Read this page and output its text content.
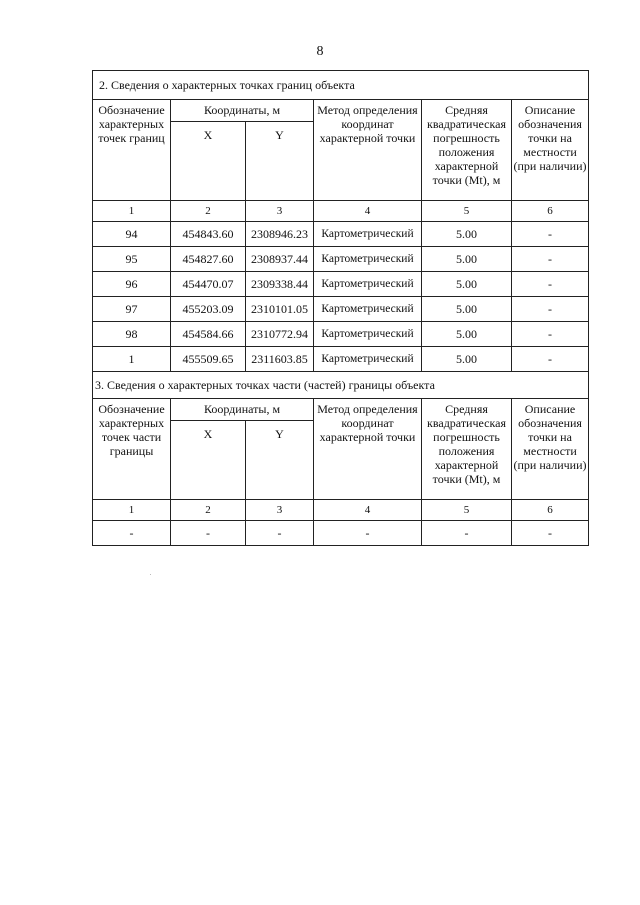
8
2. Сведения о характерных точках границ объекта					
Обозначение характерных точек границ	Координаты, м		Метод определения координат характерной точки	Средняя квадратическая погрешность положения характерной точки (Mt), м	Описание обозначения точки на местности (при наличии)
	X	Y			
1	2	3	4	5	6
94	454843.60	2308946.23	Картометрический	5.00	-
95	454827.60	2308937.44	Картометрический	5.00	-
96	454470.07	2309338.44	Картометрический	5.00	-
97	455203.09	2310101.05	Картометрический	5.00	-
98	454584.66	2310772.94	Картометрический	5.00	-
1	455509.65	2311603.85	Картометрический	5.00	-
3. Сведения о характерных точках части (частей) границы объекта					
Обозначение характерных точек части границы	Координаты, м		Метод определения координат характерной точки	Средняя квадратическая погрешность положения характерной точки (Mt), м	Описание обозначения точки на местности (при наличии)
	X	Y			
1	2	3	4	5	6
-	-	-	-	-	-
